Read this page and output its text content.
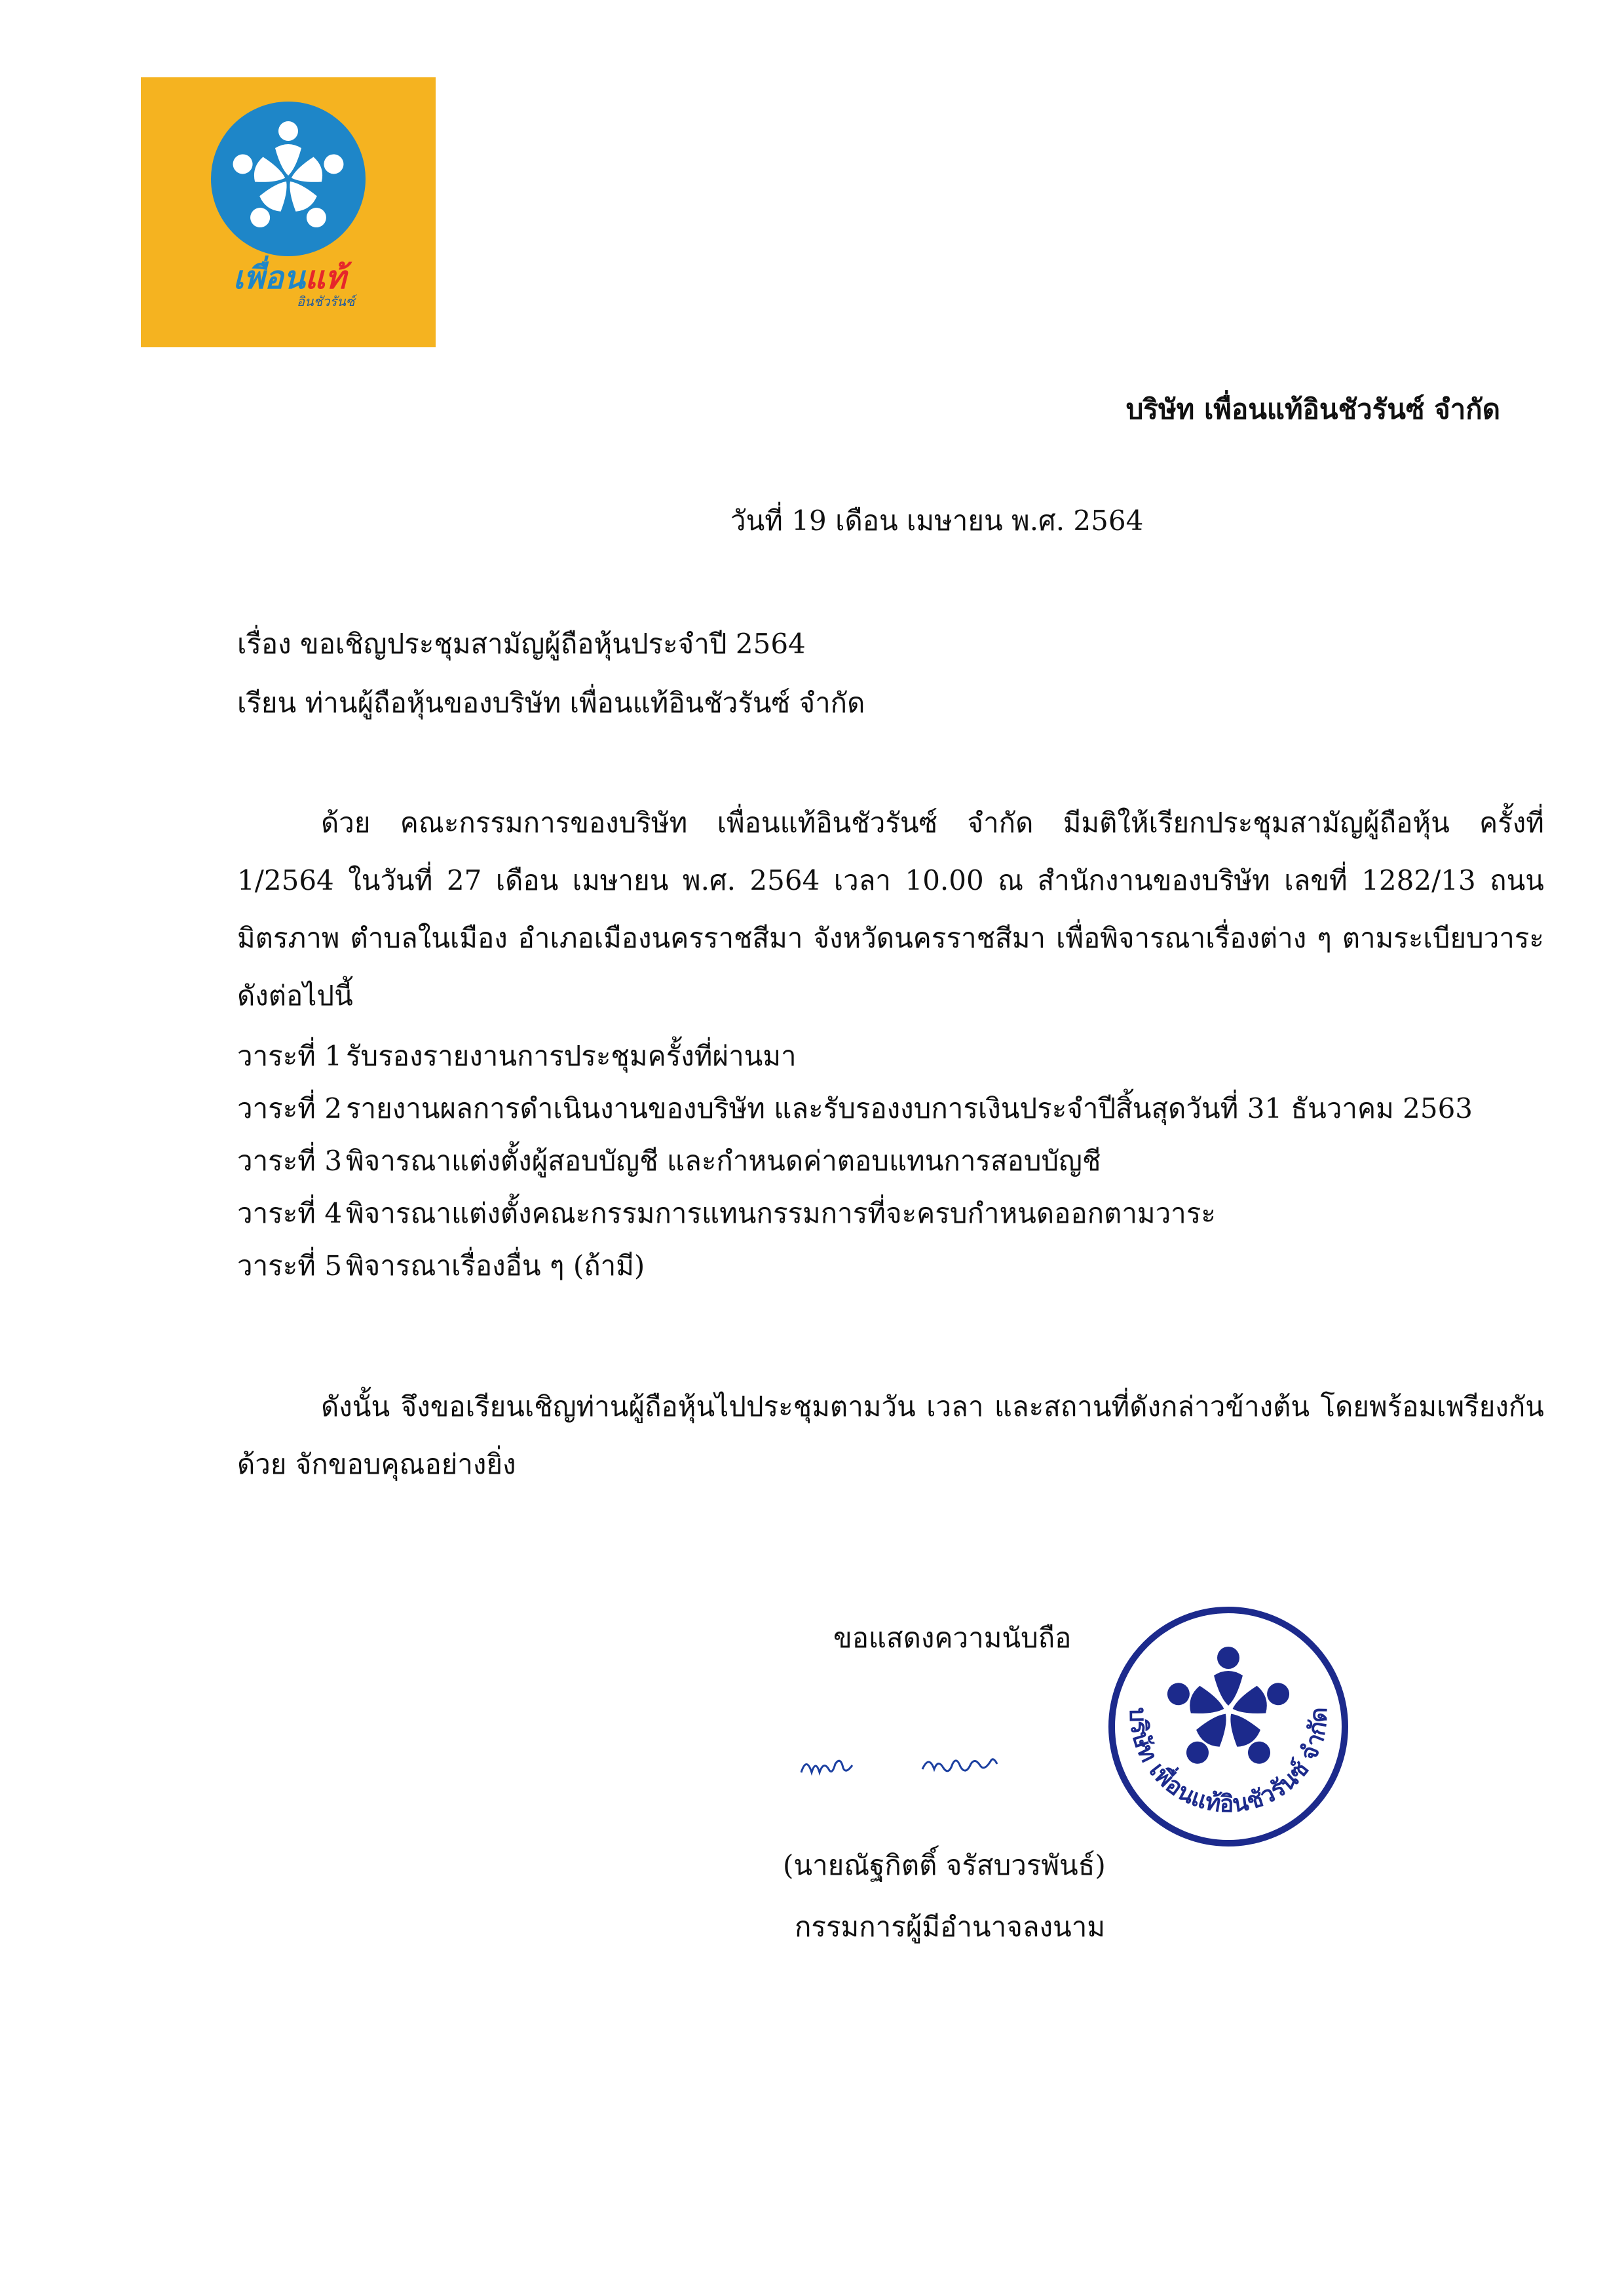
เพื่อนแท้
อินชัวรันซ์
บริษัท เพื่อนแท้อินชัวรันซ์ จำกัด
วันที่ 19 เดือน เมษายน พ.ศ. 2564
เรื่อง ขอเชิญประชุมสามัญผู้ถือหุ้นประจำปี 2564
เรียน ท่านผู้ถือหุ้นของบริษัท เพื่อนแท้อินชัวรันซ์ จำกัด
ด้วย คณะกรรมการของบริษัท เพื่อนแท้อินชัวรันซ์ จำกัด มีมติให้เรียกประชุมสามัญผู้ถือหุ้น ครั้งที่ 1/2564 ในวันที่ 27 เดือน เมษายน พ.ศ. 2564 เวลา 10.00 ณ สำนักงานของบริษัท เลขที่ 1282/13 ถนนมิตรภาพ ตำบลในเมือง อำเภอเมืองนครราชสีมา จังหวัดนครราชสีมา เพื่อพิจารณาเรื่องต่าง ๆ ตามระเบียบวาระดังต่อไปนี้
วาระที่ 1 รับรองรายงานการประชุมครั้งที่ผ่านมา
วาระที่ 2 รายงานผลการดำเนินงานของบริษัท และรับรองงบการเงินประจำปีสิ้นสุดวันที่ 31 ธันวาคม 2563
วาระที่ 3 พิจารณาแต่งตั้งผู้สอบบัญชี และกำหนดค่าตอบแทนการสอบบัญชี
วาระที่ 4 พิจารณาแต่งตั้งคณะกรรมการแทนกรรมการที่จะครบกำหนดออกตามวาระ
วาระที่ 5 พิจารณาเรื่องอื่น ๆ (ถ้ามี)
ดังนั้น จึงขอเรียนเชิญท่านผู้ถือหุ้นไปประชุมตามวัน เวลา และสถานที่ดังกล่าวข้างต้น โดยพร้อมเพรียงกันด้วย จักขอบคุณอย่างยิ่ง
ขอแสดงความนับถือ
(นายณัฐกิตติ์ จรัสบวรพันธ์)
กรรมการผู้มีอำนาจลงนาม
บริษัท เพื่อนแท้อินชัวรันซ์ จำกัด
